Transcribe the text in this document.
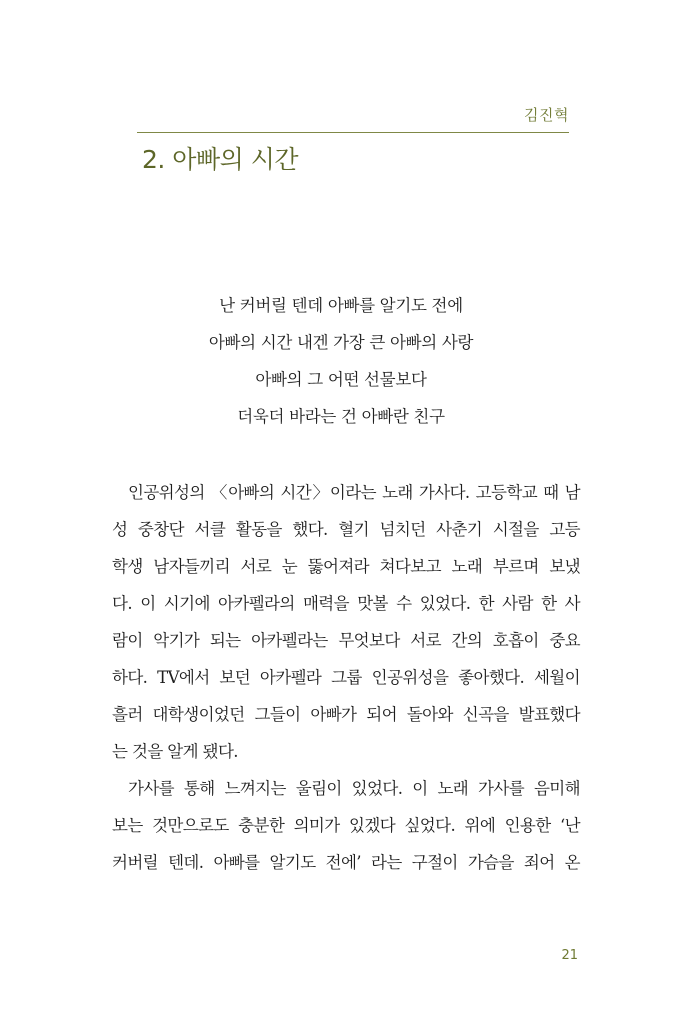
김진혁
2. 아빠의 시간
난 커버릴 텐데 아빠를 알기도 전에
아빠의 시간 내겐 가장 큰 아빠의 사랑
아빠의 그 어떤 선물보다
더욱더 바라는 건 아빠란 친구
인공위성의 〈아빠의 시간〉이라는 노래 가사다. 고등학교 때 남
성 중창단 서클 활동을 했다. 혈기 넘치던 사춘기 시절을 고등
학생 남자들끼리 서로 눈 뚫어져라 쳐다보고 노래 부르며 보냈
다. 이 시기에 아카펠라의 매력을 맛볼 수 있었다. 한 사람 한 사
람이 악기가 되는 아카펠라는 무엇보다 서로 간의 호흡이 중요
하다. TV에서 보던 아카펠라 그룹 인공위성을 좋아했다. 세월이
흘러 대학생이었던 그들이 아빠가 되어 돌아와 신곡을 발표했다
는 것을 알게 됐다.
가사를 통해 느껴지는 울림이 있었다. 이 노래 가사를 음미해
보는 것만으로도 충분한 의미가 있겠다 싶었다. 위에 인용한 ‘난
커버릴 텐데. 아빠를 알기도 전에’ 라는 구절이 가슴을 죄어 온
21
